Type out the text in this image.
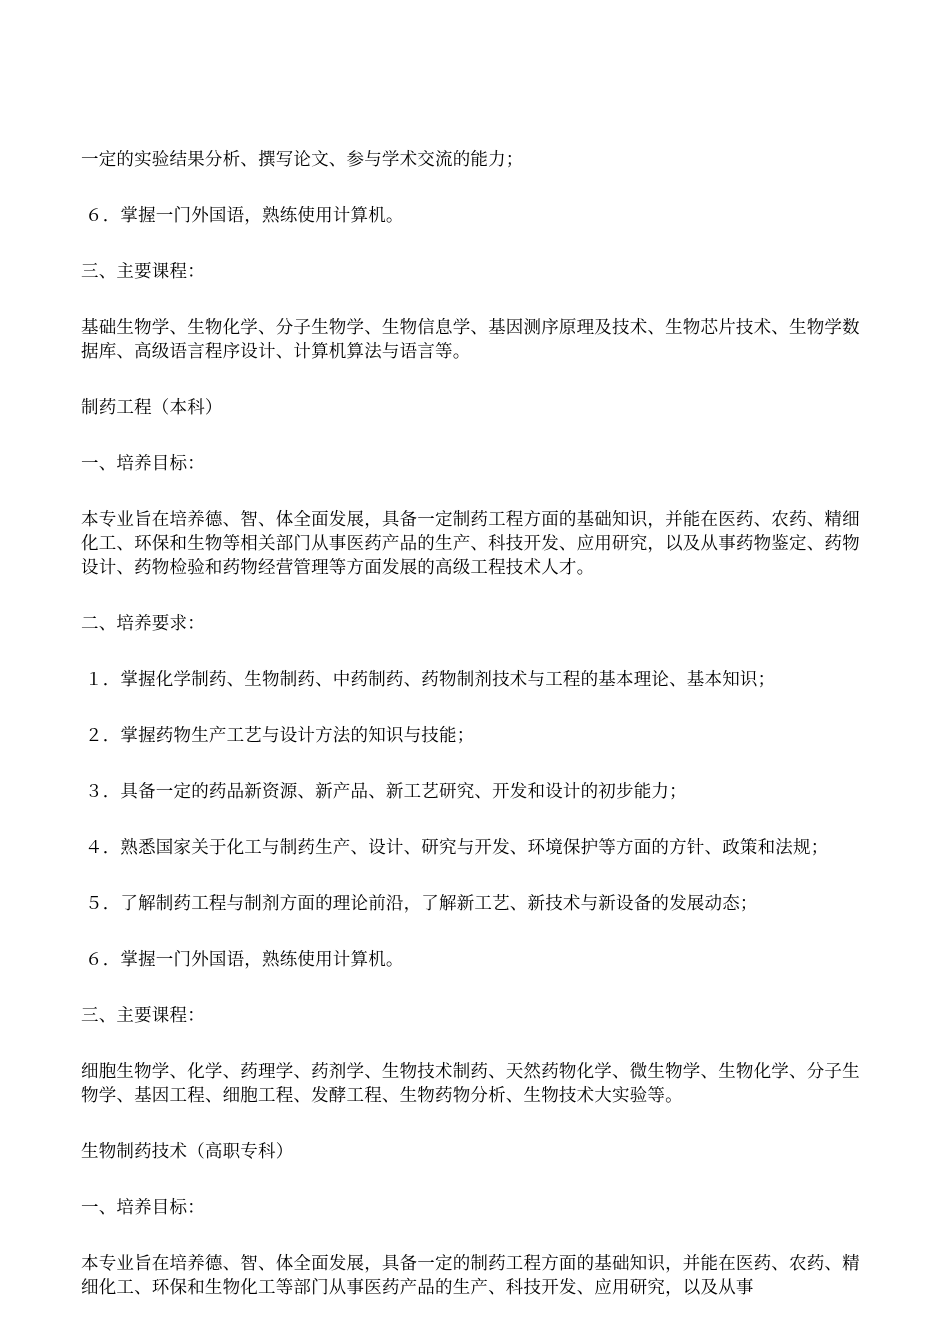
一定的实验结果分析、撰写论文、参与学术交流的能力；

６．掌握一门外国语，熟练使用计算机。

三、主要课程：

基础生物学、生物化学、分子生物学、生物信息学、基因测序原理及技术、生物芯片技术、生物学数据库、高级语言程序设计、计算机算法与语言等。

制药工程（本科）

一、培养目标：

本专业旨在培养德、智、体全面发展，具备一定制药工程方面的基础知识，并能在医药、农药、精细化工、环保和生物等相关部门从事医药产品的生产、科技开发、应用研究，以及从事药物鉴定、药物设计、药物检验和药物经营管理等方面发展的高级工程技术人才。

二、培养要求：

１．掌握化学制药、生物制药、中药制药、药物制剂技术与工程的基本理论、基本知识；

２．掌握药物生产工艺与设计方法的知识与技能；

３．具备一定的药品新资源、新产品、新工艺研究、开发和设计的初步能力；

４．熟悉国家关于化工与制药生产、设计、研究与开发、环境保护等方面的方针、政策和法规；

５．了解制药工程与制剂方面的理论前沿，了解新工艺、新技术与新设备的发展动态；

６．掌握一门外国语，熟练使用计算机。

三、主要课程：

细胞生物学、化学、药理学、药剂学、生物技术制药、天然药物化学、微生物学、生物化学、分子生物学、基因工程、细胞工程、发酵工程、生物药物分析、生物技术大实验等。

生物制药技术（高职专科）

一、培养目标：

本专业旨在培养德、智、体全面发展，具备一定的制药工程方面的基础知识，并能在医药、农药、精细化工、环保和生物化工等部门从事医药产品的生产、科技开发、应用研究，以及从事
